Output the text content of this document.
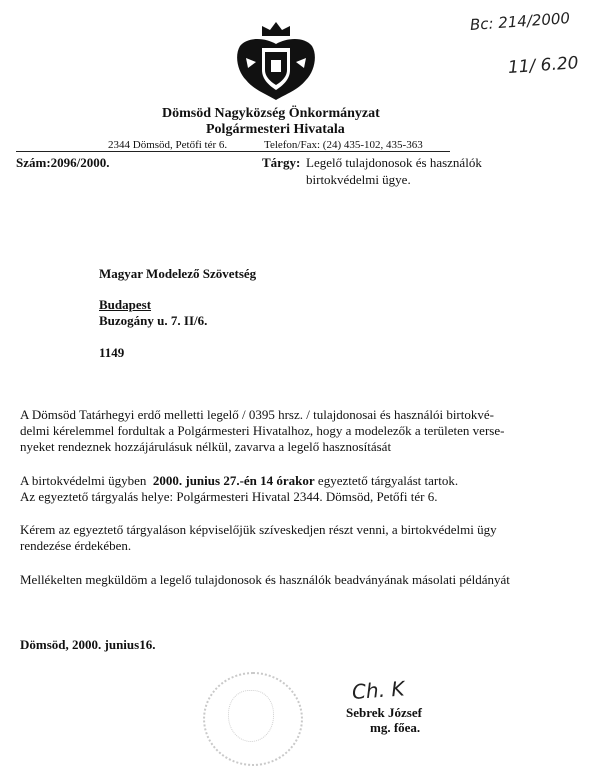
Bc: 214/2000
11/ 6.20
Dömsöd Nagyközség Önkormányzat
Polgármesteri Hivatala
2344 Dömsöd, Petőfi tér 6.	Telefon/Fax: (24) 435-102, 435-363
Szám:2096/2000.	Tárgy: Legelő tulajdonosok és használók
birtokvédelmi ügye.
Magyar Modelező Szövetség
Budapest
Buzogány u. 7. II/6.
1149
A Dömsöd Tatárhegyi erdő melletti legelő / 0395 hrsz. / tulajdonosai és használói birtokvé-
delmi kérelemmel fordultak a Polgármesteri Hivatalhoz, hogy a modelezők a területen verse-
nyeket rendeznek hozzájárulásuk nélkül, zavarva a legelő hasznosítását
A birtokvédelmi ügyben 2000. junius 27.-én 14 órakor egyeztető tárgyalást tartok.
Az egyeztető tárgyalás helye: Polgármesteri Hivatal 2344. Dömsöd, Petőfi tér 6.
Kérem az egyeztető tárgyaláson képviselőjük szíveskedjen részt venni, a birtokvédelmi ügy
rendezése érdekében.
Mellékelten megküldöm a legelő tulajdonosok és használók beadványának másolati példányát
Dömsöd, 2000. junius16.
Ch. K
Sebrek József
mg. főea.
